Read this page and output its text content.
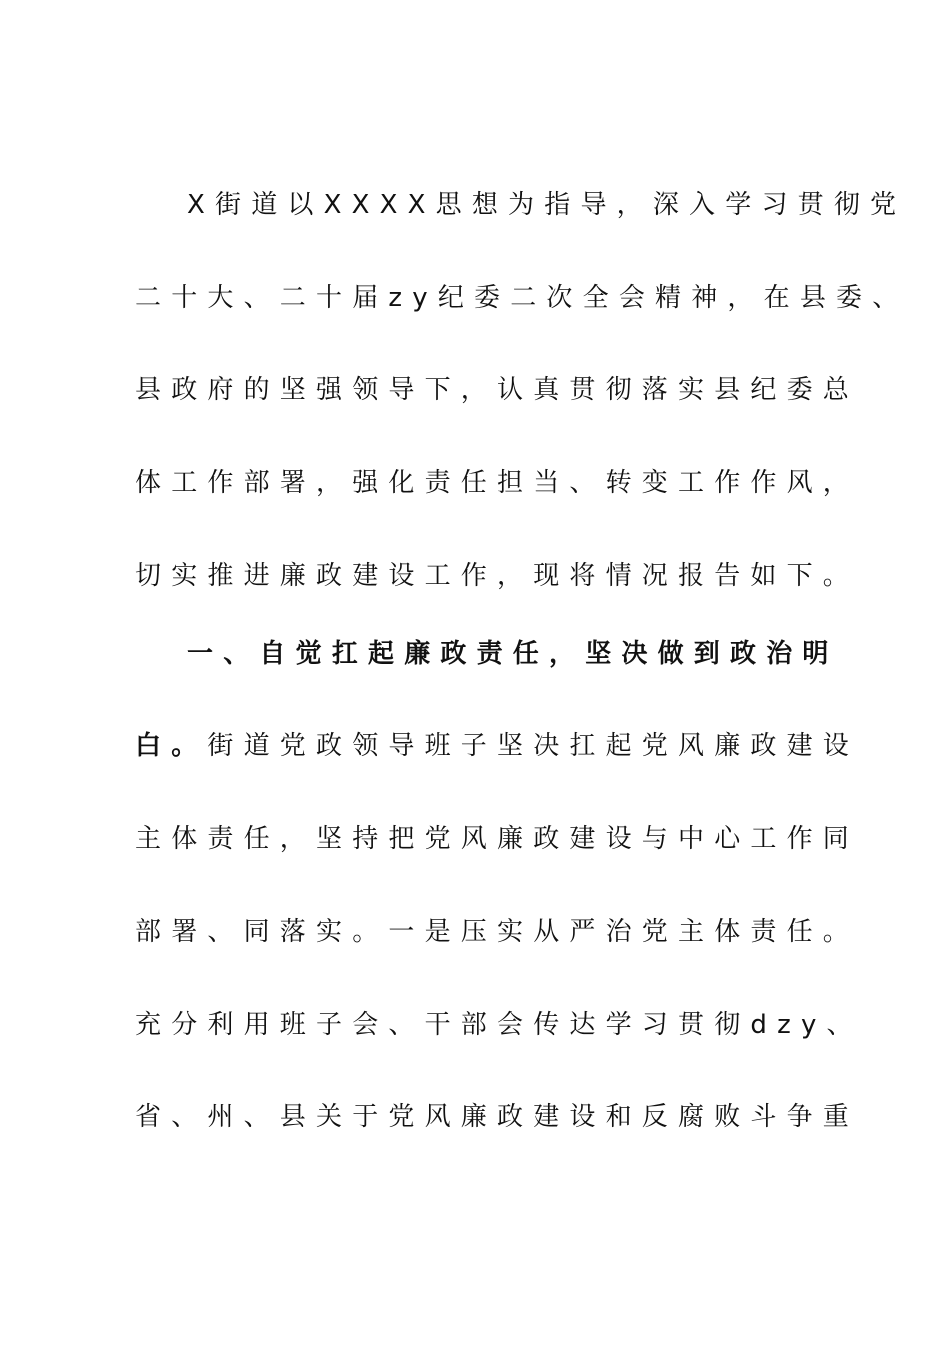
X街道以XXXX思想为指导，深入学习贯彻党
二十大、二十届zy纪委二次全会精神，在县委、
县政府的坚强领导下，认真贯彻落实县纪委总
体工作部署，强化责任担当、转变工作作风，
切实推进廉政建设工作，现将情况报告如下。
一、自觉扛起廉政责任，坚决做到政治明
白。街道党政领导班子坚决扛起党风廉政建设
主体责任，坚持把党风廉政建设与中心工作同
部署、同落实。一是压实从严治党主体责任。
充分利用班子会、干部会传达学习贯彻dzy、
省、州、县关于党风廉政建设和反腐败斗争重
